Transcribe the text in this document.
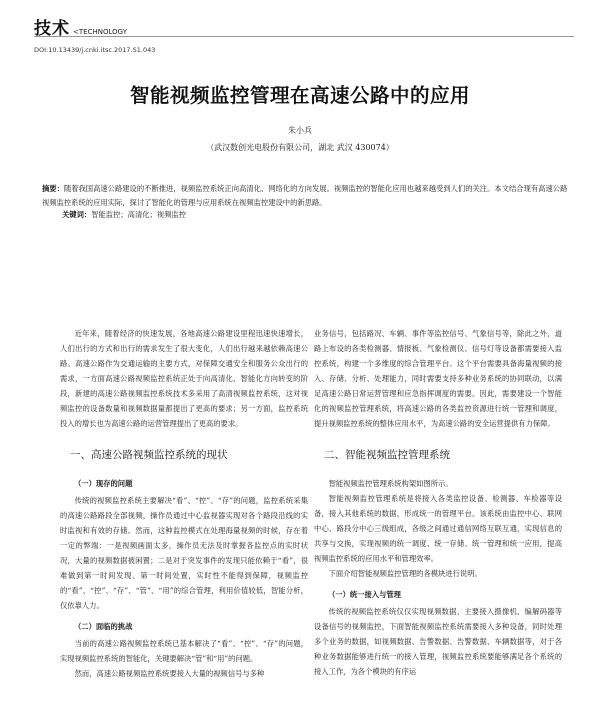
技术 <TECHNOLOGY
DOI:10.13439/j.cnki.itsc.2017.S1.043
智能视频监控管理在高速公路中的应用
朱小兵
（武汉数创光电股份有限公司，湖北 武汉 430074）
摘要：随着我国高速公路建设的不断推进，视频监控系统正向高清化、网络化的方向发展。视频监控的智能化应用也越来越受到人们的关注。本文结合现有高速公路视频监控系统的应用实际，探讨了智能化的管理与应用系统在视频监控建设中的新思路。
关键词：智能监控；高清化；视频监控

近年来，随着经济的快速发展，各地高速公路建设里程迅速快速增长，人们出行的方式和出行的需求发生了很大变化，人们出行越来越依赖高速公路。高速公路作为交通运输的主要方式，对保障交通安全和服务公众出行的需求，一方面高速公路视频监控系统正处于向高清化、智能化方向转变的阶段，新建的高速公路视频监控系统技术多采用了高清视频监控系统，这对视频监控的设备数量和视频数据量都提出了更高的要求；另一方面，监控系统投入的增长也为高速公路的运营管理提出了更高的要求。

一、高速公路视频监控系统的现状
（一）现存的问题

传统的视频监控系统主要解决“看”、“控”、“存”的问题，监控系统采集的高速公路路段全部视频，操作员通过中心监视器实现对各个路段沿线的实时监视和有效的存储。然而，这种监控模式在处理海量视频的时候，存在着一定的弊端：一是视频画面太多，操作员无法及时掌握各监控点的实时状况，大量的视频数据被闲置；二是对于突发事件的发现只能依赖于“看”，很难做到第一时间发现、第一时间处置，实时性不能得到保障，视频监控的“看”、“控”、“存”、“管”、“用”的综合管理，利用价值较低，智能分析，仅依靠人力。

（二）面临的挑战

当前的高速公路视频监控系统已基本解决了“看”、“控”、“存”的问题，实现视频监控系统的智能化，关键要解决“管”和“用”的问题。

然而，高速公路视频监控系统要接入大量的视频信号与多种

业务信号，包括路况、车辆、事件等监控信号、气象信号等，除此之外，道路上布设的各类检测器、情报板、气象检测仪、信号灯等设备都需要接入监控系统，构建一个多维度的综合管理平台。这个平台需要具备海量视频的接入、存储、分析、处理能力，同时需要支持多种业务系统的协同联动，以满足高速公路日常运营管理和应急指挥调度的需要。因此，需要建设一个智能化的视频监控管理系统，将高速公路的各类监控资源进行统一管理和调度，提升视频监控系统的整体应用水平，为高速公路的安全运营提供有力保障。

二、智能视频监控管理系统

智能视频监控管理系统构架如图所示。

智能视频监控管理系统是将接入各类监控设备、检测器、车检器等设备，接入其他系统的数据，形成统一的管理平台。该系统由监控中心、联网中心、路段分中心三级组成，各级之间通过通信网络互联互通，实现信息的共享与交换，实现视频的统一调度、统一存储、统一管理和统一应用，提高视频监控系统的应用水平和管理效率。

下面介绍智能视频监控管理的各模块进行说明。

（一）统一接入与管理

传统的视频监控系统仅仅实现视频数据、主要接入摄像机、编解码器等设备信号的视频监控，下面智能视频监控系统需要接入多种设备，同时处理多个业务的数据，如视频数据、告警数据、告警数据、车辆数据等，对于各种业务数据能够进行统一的接入管理，视频监控系统要能够满足各个系统的接入工作，为各个模块的有序运
